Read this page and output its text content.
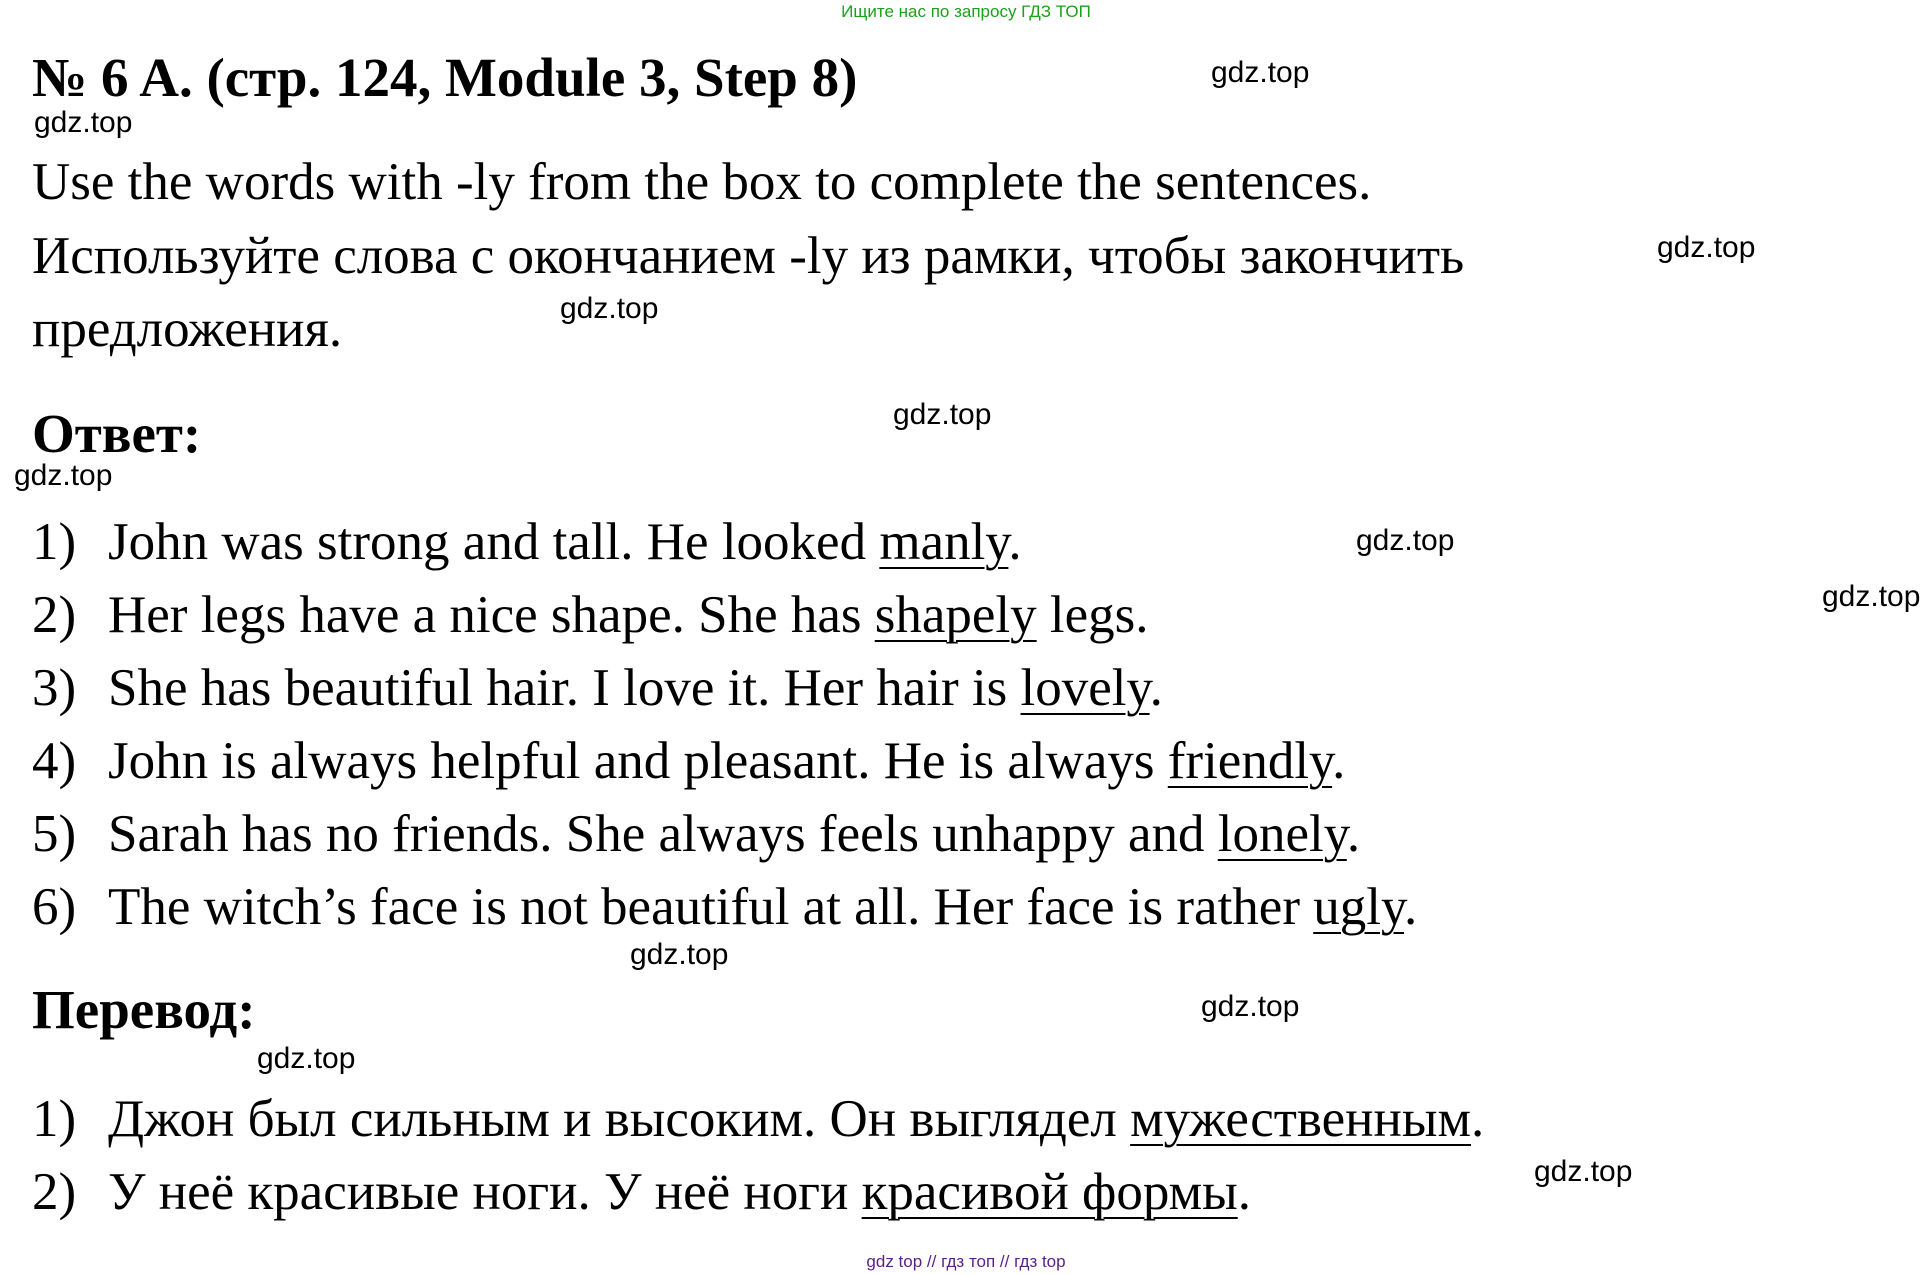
Ищите нас по запросу ГДЗ ТОП
№ 6 A. (стр. 124, Module 3, Step 8)
Use the words with -ly from the box to complete the sentences.
Используйте слова с окончанием -ly из рамки, чтобы закончить
предложения.
Ответ:
1) John was strong and tall. He looked manly.
2) Her legs have a nice shape. She has shapely legs.
3) She has beautiful hair. I love it. Her hair is lovely.
4) John is always helpful and pleasant. He is always friendly.
5) Sarah has no friends. She always feels unhappy and lonely.
6) The witch’s face is not beautiful at all. Her face is rather ugly.
Перевод:
1) Джон был сильным и высоким. Он выглядел мужественным.
2) У неё красивые ноги. У неё ноги красивой формы.
gdz.top
gdz.top
gdz.top
gdz.top
gdz.top
gdz.top
gdz.top
gdz.top
gdz.top
gdz.top
gdz.top
gdz.top
gdz top // гдз топ // гдз top
